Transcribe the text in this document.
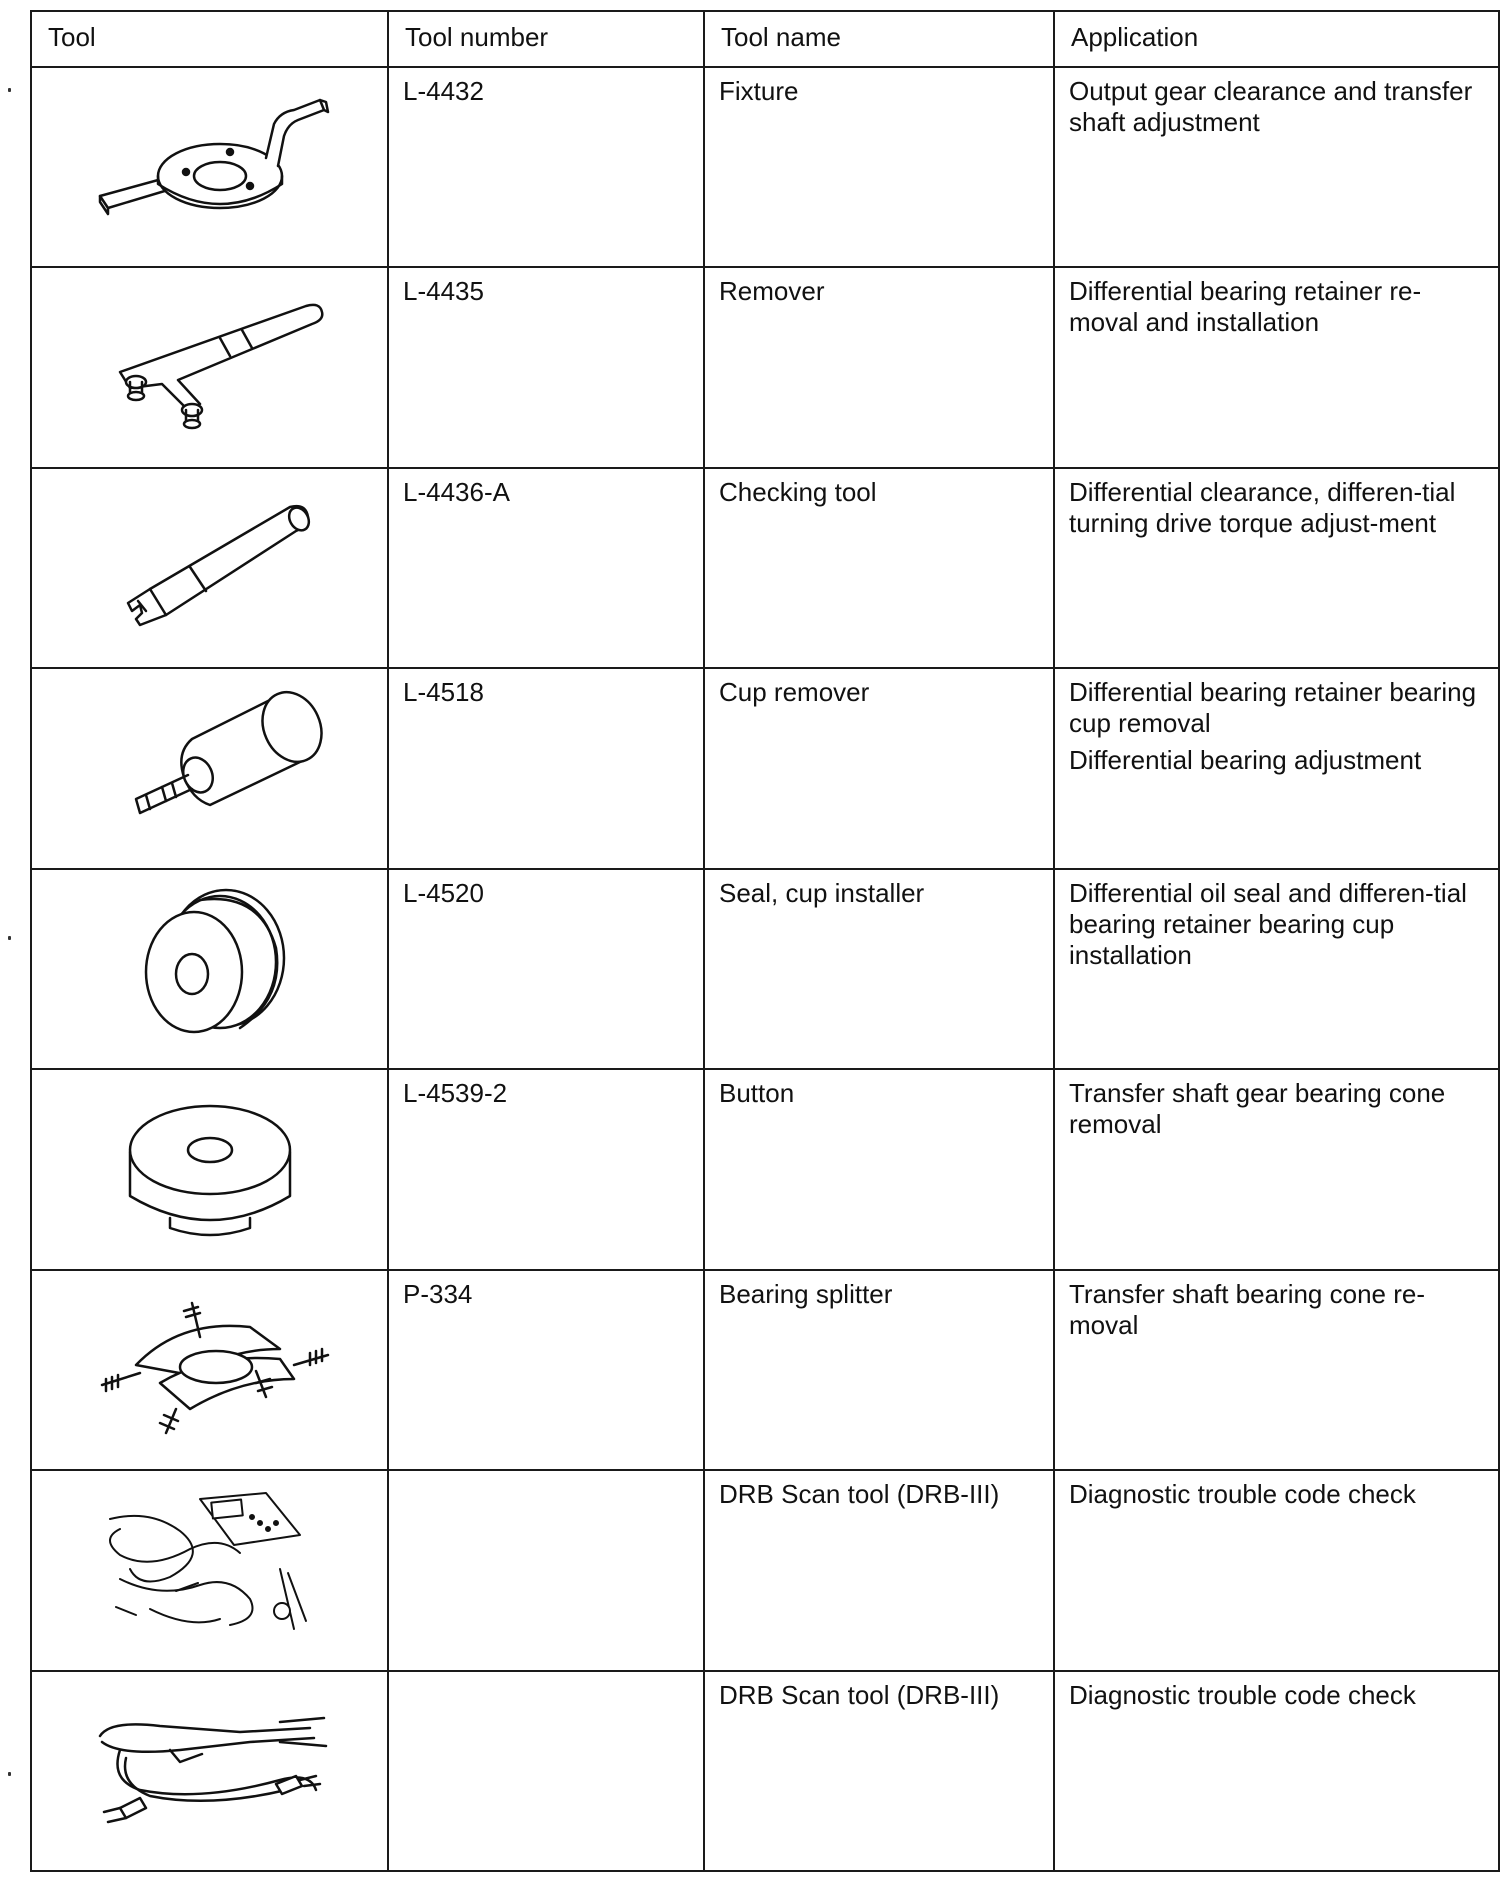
Tool	Tool number	Tool name	Application

	L-4432	Fixture	Output gear clearance and transfer shaft adjustment

	L-4435	Remover	Differential bearing retainer re-moval and installation

	L-4436-A	Checking tool	Differential clearance, differen-tial turning drive torque adjust-ment

	L-4518	Cup remover	Differential bearing retainer bearing cup removal
Differential bearing adjustment

	L-4520	Seal, cup installer	Differential oil seal and differen-tial bearing retainer bearing cup installation

	L-4539-2	Button	Transfer shaft gear bearing cone removal

	P-334	Bearing splitter	Transfer shaft bearing cone re-moval

		DRB Scan tool (DRB-III)	Diagnostic trouble code check

		DRB Scan tool (DRB-III)	Diagnostic trouble code check
